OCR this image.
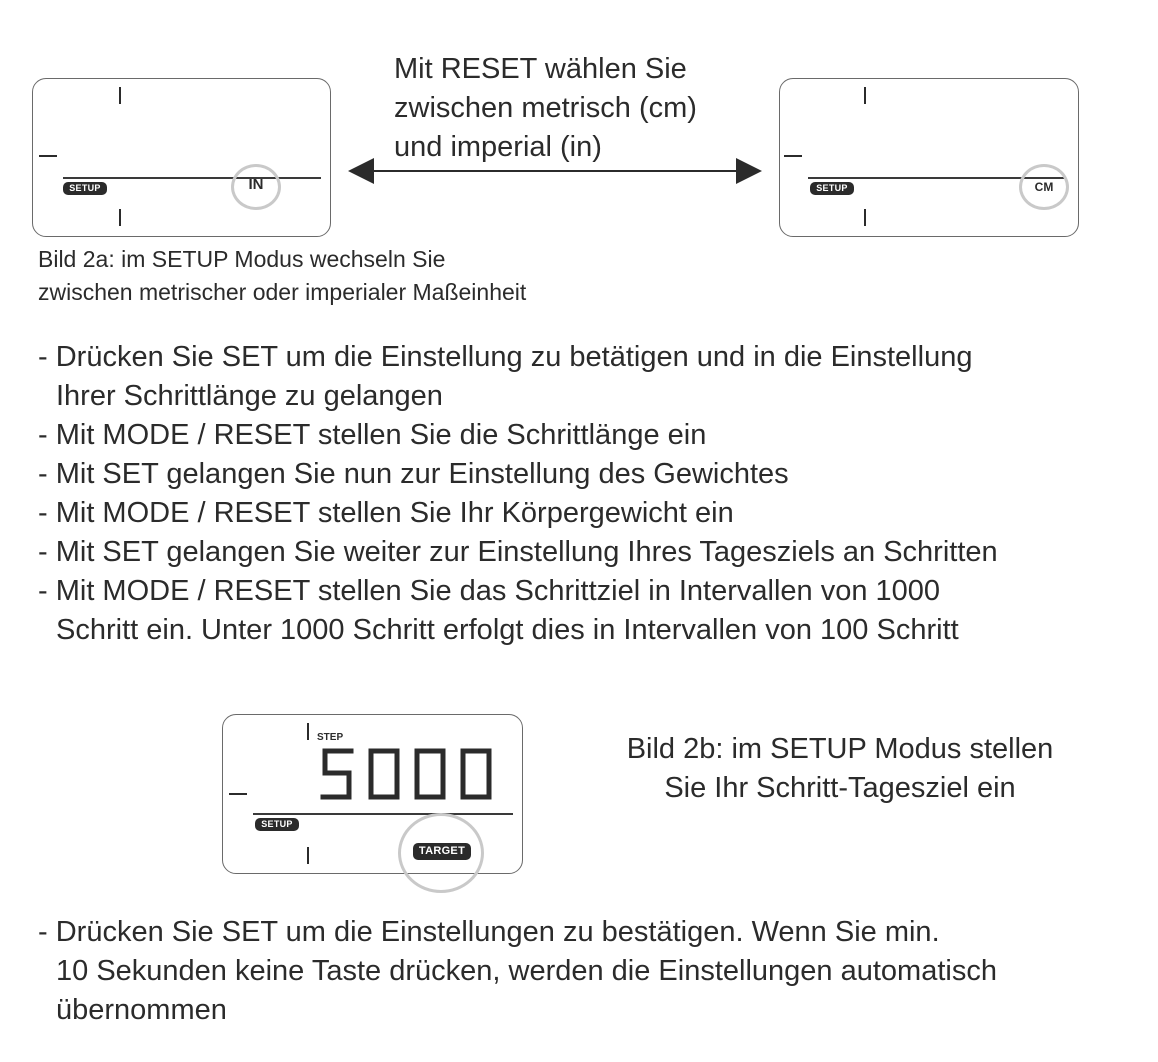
SETUP	IN
Mit RESET wählen Sie
zwischen metrisch (cm)
und imperial (in)
SETUP	CM
Bild 2a: im SETUP Modus wechseln Sie
zwischen metrischer oder imperialer Maßeinheit
- Drücken Sie SET um die Einstellung zu betätigen und in die Einstellung
Ihrer Schrittlänge zu gelangen
- Mit MODE / RESET stellen Sie die Schrittlänge ein
- Mit SET gelangen Sie nun zur Einstellung des Gewichtes
- Mit MODE / RESET stellen Sie Ihr Körpergewicht ein
- Mit SET gelangen Sie weiter zur Einstellung Ihres Tagesziels an Schritten
- Mit MODE / RESET stellen Sie das Schrittziel in Intervallen von 1000
Schritt ein. Unter 1000 Schritt erfolgt dies in Intervallen von 100 Schritt
STEP
SETUP
TARGET
Bild 2b: im SETUP Modus stellen
Sie Ihr Schritt-Tagesziel ein
- Drücken Sie SET um die Einstellungen zu bestätigen. Wenn Sie min.
10 Sekunden keine Taste drücken, werden die Einstellungen automatisch
übernommen
